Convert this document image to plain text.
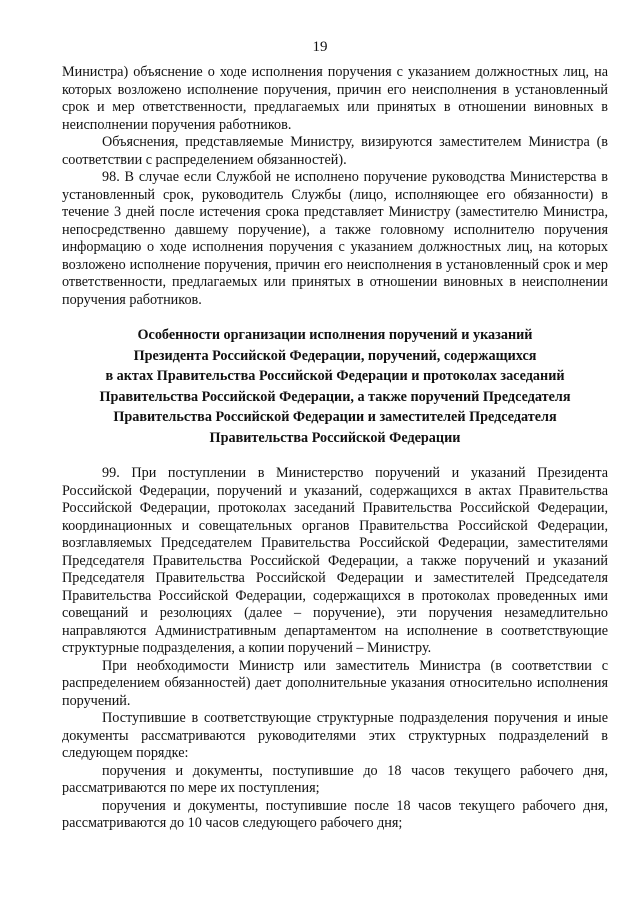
19

Министра) объяснение о ходе исполнения поручения с указанием должностных лиц, на которых возложено исполнение поручения, причин его неисполнения в установленный срок и мер ответственности, предлагаемых или принятых в отношении виновных в неисполнении поручения работников.

Объяснения, представляемые Министру, визируются заместителем Министра (в соответствии с распределением обязанностей).

98. В случае если Службой не исполнено поручение руководства Министерства в установленный срок, руководитель Службы (лицо, исполняющее его обязанности) в течение 3 дней после истечения срока представляет Министру (заместителю Министра, непосредственно давшему поручение), а также головному исполнителю поручения информацию о ходе исполнения поручения с указанием должностных лиц, на которых возложено исполнение поручения, причин его неисполнения в установленный срок и мер ответственности, предлагаемых или принятых в отношении виновных в неисполнении поручения работников.

Особенности организации исполнения поручений и указаний
Президента Российской Федерации, поручений, содержащихся
в актах Правительства Российской Федерации и протоколах заседаний
Правительства Российской Федерации, а также поручений Председателя
Правительства Российской Федерации и заместителей Председателя
Правительства Российской Федерации

99. При поступлении в Министерство поручений и указаний Президента Российской Федерации, поручений и указаний, содержащихся в актах Правительства Российской Федерации, протоколах заседаний Правительства Российской Федерации, координационных и совещательных органов Правительства Российской Федерации, возглавляемых Председателем Правительства Российской Федерации, заместителями Председателя Правительства Российской Федерации, а также поручений и указаний Председателя Правительства Российской Федерации и заместителей Председателя Правительства Российской Федерации, содержащихся в протоколах проведенных ими совещаний и резолюциях (далее – поручение), эти поручения незамедлительно направляются Административным департаментом на исполнение в соответствующие структурные подразделения, а копии поручений – Министру.

При необходимости Министр или заместитель Министра (в соответствии с распределением обязанностей) дает дополнительные указания относительно исполнения поручений.

Поступившие в соответствующие структурные подразделения поручения и иные документы рассматриваются руководителями этих структурных подразделений в следующем порядке:

поручения и документы, поступившие до 18 часов текущего рабочего дня, рассматриваются по мере их поступления;

поручения и документы, поступившие после 18 часов текущего рабочего дня, рассматриваются до 10 часов следующего рабочего дня;
